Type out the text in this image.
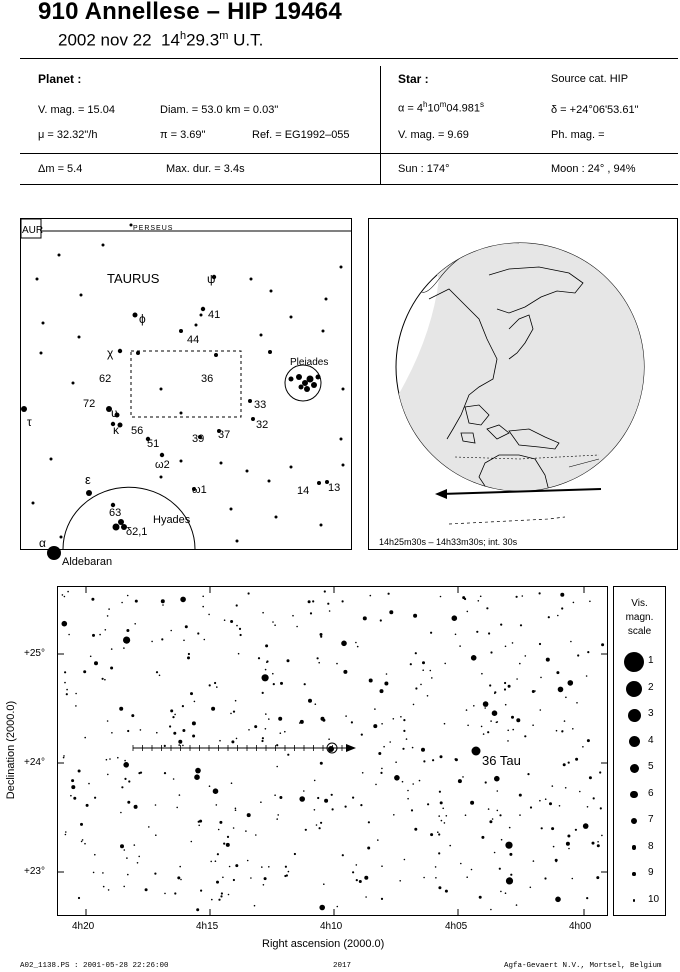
910 Annellese – HIP 19464
2002 nov 22 14$^h$29.3$^m$ U.T.
Planet :
V. mag. = 15.04	Diam. = 53.0 km = 0.03"
μ = 32.32"/h	π = 3.69"	Ref. = EG1992–055
Star :	Source cat. HIP
$\alpha = 4^h10^m04.981^s$	δ = +24°06'53.61"
V. mag. = 9.69	Ph. mag. =
Δm = 5.4	Max. dur. = 3.4s	Sun : 174°	Moon : 24° , 94%
AUR	PERSEUS
TAURUS	ψ
ϕ	41
44
χ
62	36
72
υ
κ 56
51
ω2
ω1
39 37
33
32
Pleiades
τ
ε
63
δ2,1
Hyades
α
14 13
Aldebaran
14h25m30s – 14h33m30s; int. 30s
36 Tau
+25°
+24°
+23°
Declination (2000.0)
4h20	4h15	4h10	4h05	4h00
Right ascension (2000.0)
Vis.
magn.
scale
1
2
3
4
5
6
7
8
9
10
A02_1138.PS : 2001-05-28 22:26:00	2017	Agfa-Gevaert N.V., Mortsel, Belgium
